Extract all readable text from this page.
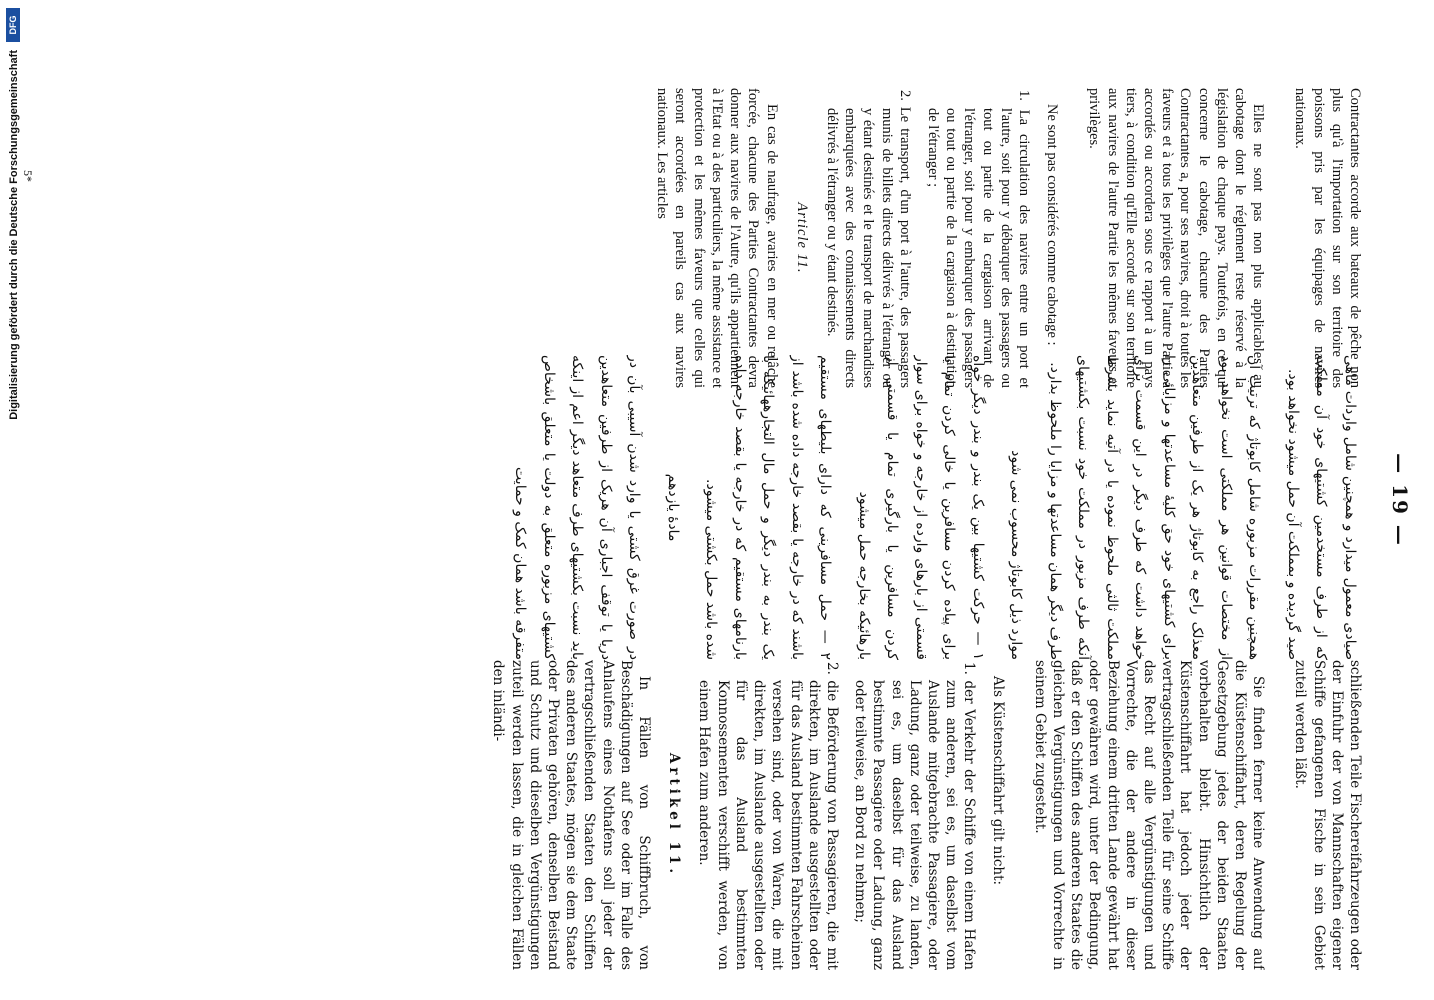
— 19 —

Contractantes accorde aux bateaux de pêche non plus qu'à l'importation sur son territoire des poissons pris par les équipages de navires nationaux.

Elles ne sont pas non plus applicables au cabotage dont le réglement reste réservé à la législation de chaque pays. Toutefois, en ce qui concerne le cabotage, chacune des Parties Contractantes a, pour ses navires, droit à toutes les faveurs et à tous les privilèges que l'autre Partie a accordés ou accordera sous ce rapport à un pays tiers, à condition qu'Elle accorde sur son territoire aux navires de l'autre Partie les mêmes faveurs et privilèges.

Ne sont pas considérés comme cabotage :

1. La circulation des navires entre un port et l'autre, soit pour y débarquer des passagers ou tout ou partie de la cargaison arrivant de l'étranger, soit pour y embarquer des passagers ou tout ou partie de la cargaison à destination de l'étranger ;

2. Le transport, d'un port à l'autre, des passagers munis de billets directs délivrés à l'étranger ou y étant destinés et le transport de marchandises embarquées avec des connaissements directs délivrés à l'étranger ou y étant destinés.

Article 11.

En cas de naufrage, avaries en mer ou relâche forcée, chacune des Parties Contractantes devra donner aux navires de l'Autre, qu'ils appartiennent à l'Etat ou à des particuliers, la même assistance et protection et les mêmes faveurs que celles qui seront accordées en pareils cas aux navires nationaux. Les articles

صیادی معمول میدارد و همچنین شامل واردات ماهی که از طرف مستخدمین کشتیهای خود آن مملکت صید گردیده و بمملکت آن حمل میشود نخواهد بود.

همچنین مقررات مزبوره شامل کابوتاژ که ترتیب آن از مختصات قوانین هر مملکتی است نخواهد بود معذلک راجع به کابوتاژ هر یک از طرفین متعاهدین برای کشتیهای خود حق کلیهٔ مساعدتها و مزایائی را خواهد داشت که طرف دیگر در این قسمت برای مملکت ثالثی ملحوظ نموده یا در آتیه نماید بشرط آنکه طرف مزبور در مملکت خود نسبت بکشتیهای طرف دیگر همان مساعدتها و مزایا را ملحوظ بدارد.

موارد ذیل کابوتاژ محسوب نمی شود

۱ — حرکت کشتیها بین یک بندر و بندر دیگر خواه برای پیاده کردن مسافرین یا خالی کردن تمام یا قسمتی از بارهای وارده از خارجه و خواه برای سوار کردن مسافرین یا بارگیری تمام یا قسمتی از بارهائیکه بخارجه حمل میشود

۲ — حمل مسافرینی که دارای بلیطهای مستقیم باشند که در خارجه یا بقصد خارجه داده شده باشد از یک بندر به بندر دیگر و حمل مال التجارههائیکه با بارنامهای مستقیم که در خارجه یا بقصد خارجه داده شده باشد حمل بکشتی میشود.

مادهٔ یازدهم

در صورت غرق کشتی یا وارد شدن آسیبی بآن در دریا یا توقف اجباری آن هریک از طرفین متعاهدین باید نسبت بکشتیهای طرف متعاهد دیگر اعم از اینکه کشتیهای مزبوره متعلق به دولت یا متعلق باشخاص متفرقه باشد همان کمک و حمایت

schließenden Teile Fischereifahrzeugen oder der Einfuhr der von Mannschaften eigener Schiffe gefangenen Fische in sein Gebiet zuteil werden läßt.

Sie finden ferner keine Anwendung auf die Küstenschiffahrt, deren Regelung der Gesetzgebung jedes der beiden Staaten vorbehalten bleibt. Hinsichtlich der Küstenschiffahrt hat jedoch jeder der vertragschließenden Teile für seine Schiffe das Recht auf alle Vergünstigungen und Vorrechte, die der andere in dieser Beziehung einem dritten Lande gewährt hat oder gewähren wird, unter der Bedingung, daß er den Schiffen des anderen Staates die gleichen Vergünstigungen und Vorrechte in seinem Gebiet zugesteht.

Als Küstenschiffahrt gilt nicht:

1. der Verkehr der Schiffe von einem Hafen zum anderen, sei es, um daselbst vom Auslande mitgebrachte Passagiere, oder Ladung, ganz oder teilweise, zu landen, sei es, um daselbst für das Ausland bestimmte Passagiere oder Ladung, ganz oder teilweise, an Bord zu nehmen;

2. die Beförderung von Passagieren, die mit direkten, im Auslande ausgestellten oder für das Ausland bestimmten Fahrscheinen versehen sind, oder von Waren, die mit direkten, im Auslande ausgestellten oder für das Ausland bestimmten Konnossementen verschifft werden, von einem Hafen zum anderen.

Artikel 11.

In Fällen von Schiffbruch, von Beschädigungen auf See oder im Falle des Anlaufens eines Nothafens soll jeder der vertragschließenden Staaten den Schiffen des anderen Staates, mögen sie dem Staate oder Privaten gehören, denselben Beistand und Schutz und dieselben Vergünstigungen zuteil werden lassen, die in gleichen Fällen den inländi-

5*
Digitalisierung gefördert durch die Deutsche Forschungsgemeinschaft
DFG
